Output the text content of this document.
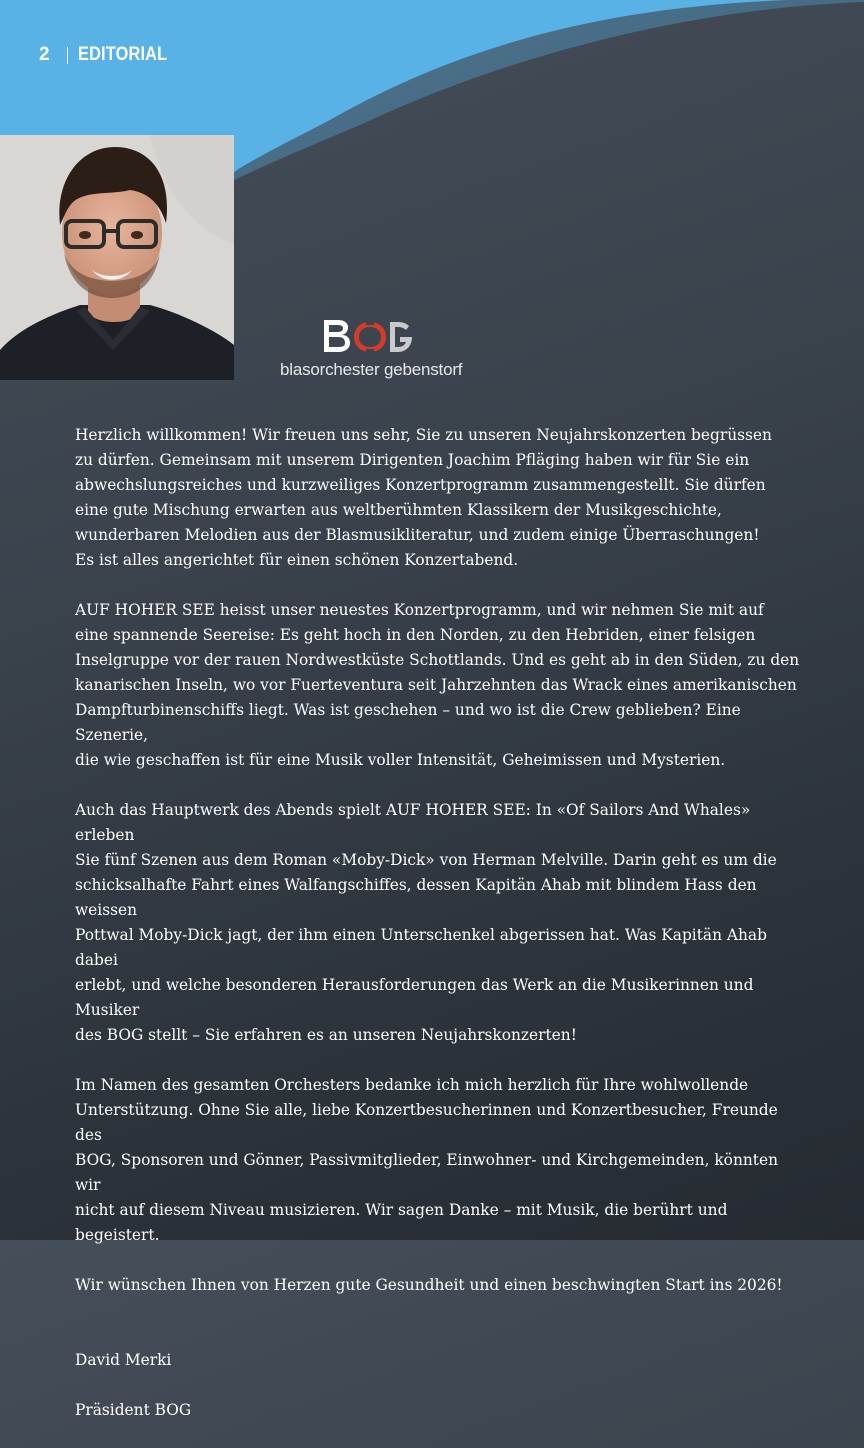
2	EDITORIAL
blasorchester gebenstorf

Herzlich willkommen! Wir freuen uns sehr, Sie zu unseren Neujahrskonzerten begrüssen
zu dürfen. Gemeinsam mit unserem Dirigenten Joachim Pfläging haben wir für Sie ein
abwechslungsreiches und kurzweiliges Konzertprogramm zusammengestellt. Sie dürfen
eine gute Mischung erwarten aus weltberühmten Klassikern der Musikgeschichte,
wunderbaren Melodien aus der Blasmusikliteratur, und zudem einige Überraschungen!
Es ist alles angerichtet für einen schönen Konzertabend.

AUF HOHER SEE heisst unser neuestes Konzertprogramm, und wir nehmen Sie mit auf
eine spannende Seereise: Es geht hoch in den Norden, zu den Hebriden, einer felsigen
Inselgruppe vor der rauen Nordwestküste Schottlands. Und es geht ab in den Süden, zu den
kanarischen Inseln, wo vor Fuerteventura seit Jahrzehnten das Wrack eines amerikanischen
Dampfturbinenschiffs liegt. Was ist geschehen – und wo ist die Crew geblieben? Eine Szenerie,
die wie geschaffen ist für eine Musik voller Intensität, Geheimissen und Mysterien.

Auch das Hauptwerk des Abends spielt AUF HOHER SEE: In «Of Sailors And Whales» erleben
Sie fünf Szenen aus dem Roman «Moby-Dick» von Herman Melville. Darin geht es um die
schicksalhafte Fahrt eines Walfangschiffes, dessen Kapitän Ahab mit blindem Hass den weissen
Pottwal Moby-Dick jagt, der ihm einen Unterschenkel abgerissen hat. Was Kapitän Ahab dabei
erlebt, und welche besonderen Herausforderungen das Werk an die Musikerinnen und Musiker
des BOG stellt – Sie erfahren es an unseren Neujahrskonzerten!

Im Namen des gesamten Orchesters bedanke ich mich herzlich für Ihre wohlwollende
Unterstützung. Ohne Sie alle, liebe Konzertbesucherinnen und Konzertbesucher, Freunde des
BOG, Sponsoren und Gönner, Passivmitglieder, Einwohner- und Kirchgemeinden, könnten wir
nicht auf diesem Niveau musizieren. Wir sagen Danke – mit Musik, die berührt und begeistert.

Wir wünschen Ihnen von Herzen gute Gesundheit und einen beschwingten Start ins 2026!

David Merki

Präsident BOG
